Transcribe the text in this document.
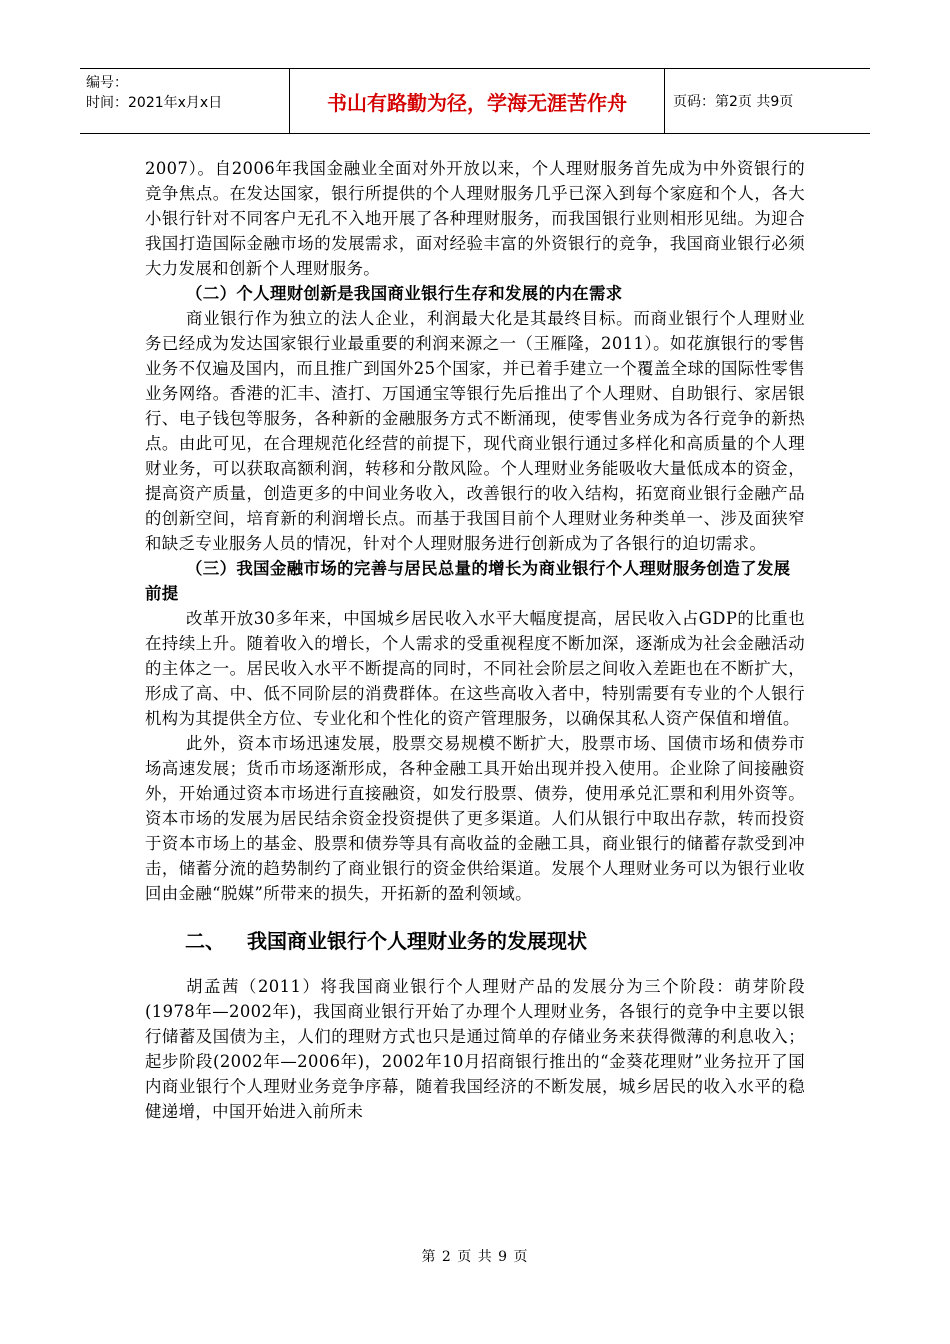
编号：
时间：2021年x月x日	书山有路勤为径，学海无涯苦作舟	页码：第2页 共9页

2007）。自2006年我国金融业全面对外开放以来，个人理财服务首先成为中外资银行的竞争焦点。在发达国家，银行所提供的个人理财服务几乎已深入到每个家庭和个人，各大小银行针对不同客户无孔不入地开展了各种理财服务，而我国银行业则相形见绌。为迎合我国打造国际金融市场的发展需求，面对经验丰富的外资银行的竞争，我国商业银行必须大力发展和创新个人理财服务。

（二）个人理财创新是我国商业银行生存和发展的内在需求

商业银行作为独立的法人企业，利润最大化是其最终目标。而商业银行个人理财业务已经成为发达国家银行业最重要的利润来源之一（王雁隆，2011）。如花旗银行的零售业务不仅遍及国内，而且推广到国外25个国家，并已着手建立一个覆盖全球的国际性零售业务网络。香港的汇丰、渣打、万国通宝等银行先后推出了个人理财、自助银行、家居银行、电子钱包等服务，各种新的金融服务方式不断涌现，使零售业务成为各行竞争的新热点。由此可见，在合理规范化经营的前提下，现代商业银行通过多样化和高质量的个人理财业务，可以获取高额利润，转移和分散风险。个人理财业务能吸收大量低成本的资金，提高资产质量，创造更多的中间业务收入，改善银行的收入结构，拓宽商业银行金融产品的创新空间，培育新的利润增长点。而基于我国目前个人理财业务种类单一、涉及面狭窄和缺乏专业服务人员的情况，针对个人理财服务进行创新成为了各银行的迫切需求。

（三）我国金融市场的完善与居民总量的增长为商业银行个人理财服务创造了发展前提

改革开放30多年来，中国城乡居民收入水平大幅度提高，居民收入占GDP的比重也在持续上升。随着收入的增长，个人需求的受重视程度不断加深，逐渐成为社会金融活动的主体之一。居民收入水平不断提高的同时，不同社会阶层之间收入差距也在不断扩大，形成了高、中、低不同阶层的消费群体。在这些高收入者中，特别需要有专业的个人银行机构为其提供全方位、专业化和个性化的资产管理服务，以确保其私人资产保值和增值。

此外，资本市场迅速发展，股票交易规模不断扩大，股票市场、国债市场和债券市场高速发展；货币市场逐渐形成，各种金融工具开始出现并投入使用。企业除了间接融资外，开始通过资本市场进行直接融资，如发行股票、债券，使用承兑汇票和利用外资等。资本市场的发展为居民结余资金投资提供了更多渠道。人们从银行中取出存款，转而投资于资本市场上的基金、股票和债券等具有高收益的金融工具，商业银行的储蓄存款受到冲击，储蓄分流的趋势制约了商业银行的资金供给渠道。发展个人理财业务可以为银行业收回由金融“脱媒”所带来的损失，开拓新的盈利领域。

二、 我国商业银行个人理财业务的发展现状

胡孟茜（2011）将我国商业银行个人理财产品的发展分为三个阶段：萌芽阶段(1978年—2002年)，我国商业银行开始了办理个人理财业务，各银行的竞争中主要以银行储蓄及国债为主，人们的理财方式也只是通过简单的存储业务来获得微薄的利息收入；起步阶段(2002年—2006年)，2002年10月招商银行推出的“金葵花理财”业务拉开了国内商业银行个人理财业务竞争序幕，随着我国经济的不断发展，城乡居民的收入水平的稳健递增，中国开始进入前所未

第 2 页 共 9 页
